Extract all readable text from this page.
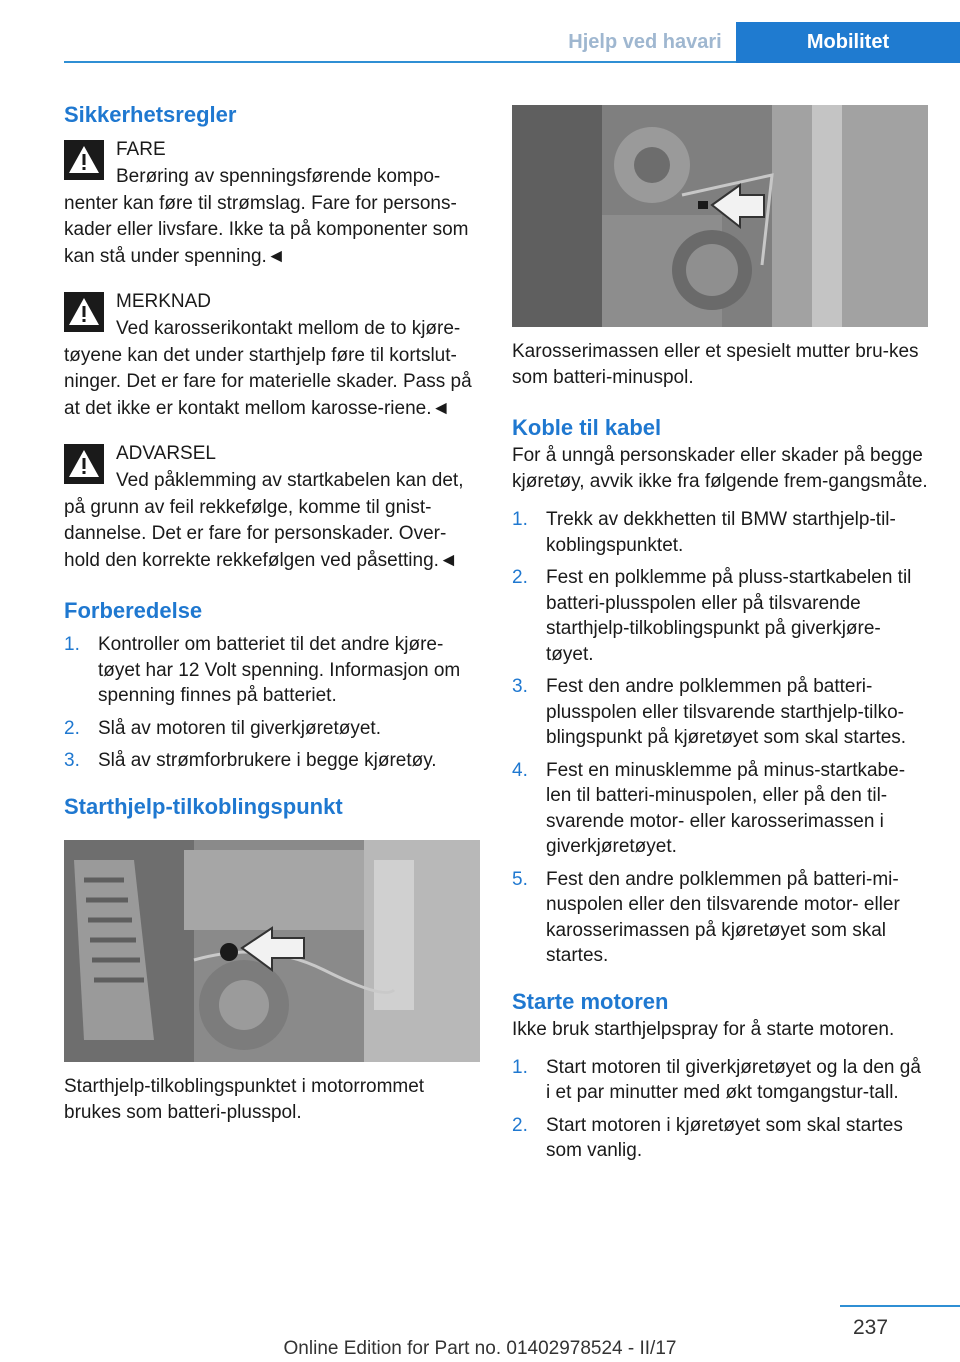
Hjelp ved havari	Mobilitet
Sikkerhetsregler
FARE

Berøring av spenningsførende kompo-nenter kan føre til strømslag. Fare for persons-kader eller livsfare. Ikke ta på komponenter som kan stå under spenning.◄

MERKNAD

Ved karosserikontakt mellom de to kjøre-tøyene kan det under starthjelp føre til kortslut-ninger. Det er fare for materielle skader. Pass på at det ikke er kontakt mellom karosse-riene.◄

ADVARSEL

Ved påklemming av startkabelen kan det, på grunn av feil rekkefølge, komme til gnist-dannelse. Det er fare for personskader. Over-hold den korrekte rekkefølgen ved påsetting.◄

Forberedelse
1. Kontroller om batteriet til det andre kjøre-tøyet har 12 Volt spenning. Informasjon om spenning finnes på batteriet.
2. Slå av motoren til giverkjøretøyet.
3. Slå av strømforbrukere i begge kjøretøy.
Starthjelp-tilkoblingspunkt

Starthjelp-tilkoblingspunktet i motorrommet brukes som batteri-plusspol.

Karosserimassen eller et spesielt mutter bru-kes som batteri-minuspol.

Koble til kabel

For å unngå personskader eller skader på begge kjøretøy, avvik ikke fra følgende frem-gangsmåte.

1. Trekk av dekkhetten til BMW starthjelp-til-koblingspunktet.
2. Fest en polklemme på pluss-startkabelen til batteri-plusspolen eller på tilsvarende starthjelp-tilkoblingspunkt på giverkjøre-tøyet.
3. Fest den andre polklemmen på batteri-plusspolen eller tilsvarende starthjelp-tilko-blingspunkt på kjøretøyet som skal startes.
4. Fest en minusklemme på minus-startkabe-len til batteri-minuspolen, eller på den til-svarende motor- eller karosserimassen i giverkjøretøyet.
5. Fest den andre polklemmen på batteri-mi-nuspolen eller den tilsvarende motor- eller karosserimassen på kjøretøyet som skal startes.
Starte motoren

Ikke bruk starthjelpspray for å starte motoren.

1. Start motoren til giverkjøretøyet og la den gå i et par minutter med økt tomgangstur-tall.
2. Start motoren i kjøretøyet som skal startes som vanlig.
237
Online Edition for Part no. 01402978524 - II/17
